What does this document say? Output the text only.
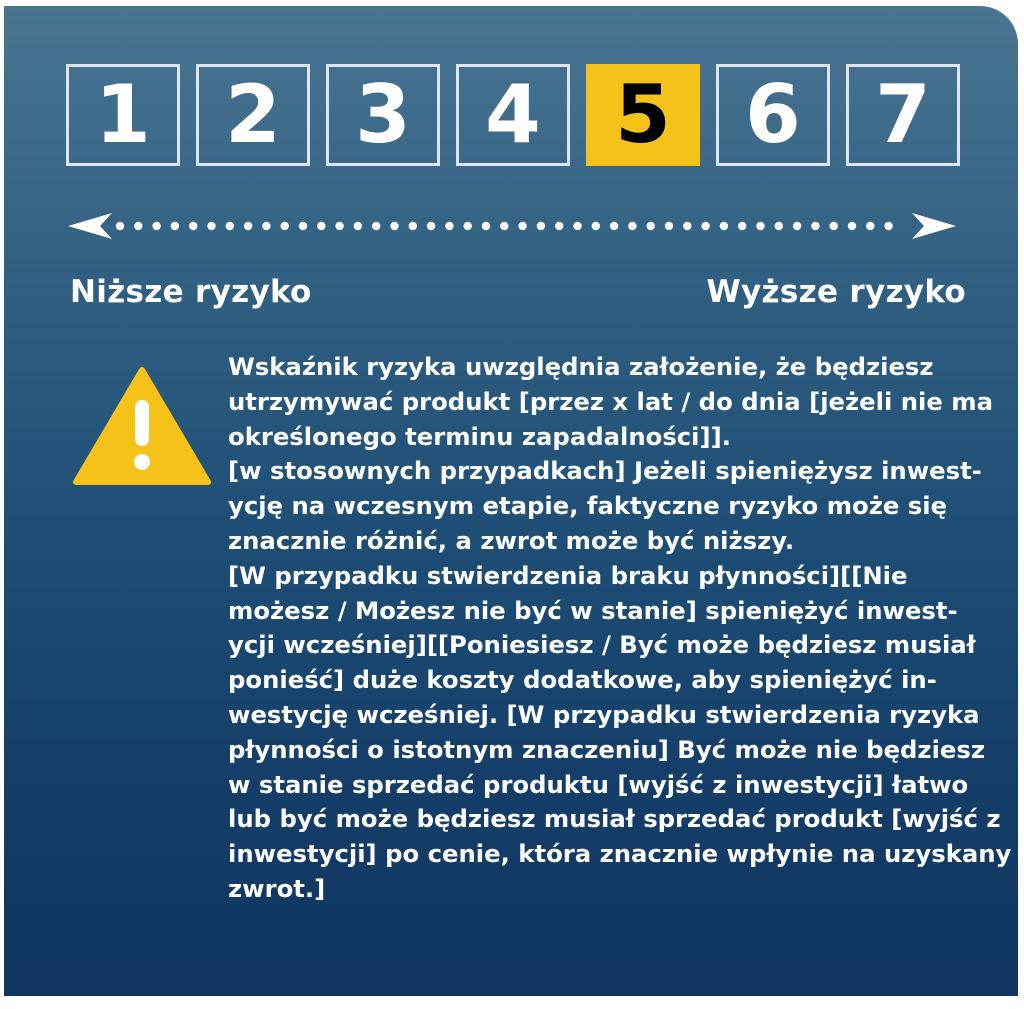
1 2 3 4 5 6 7
Niższe ryzyko	Wyższe ryzyko
Wskaźnik ryzyka uwzględnia założenie, że będziesz
utrzymywać produkt [przez x lat / do dnia [jeżeli nie ma
określonego terminu zapadalności]].
[w stosownych przypadkach] Jeżeli spieniężysz inwest-
ycję na wczesnym etapie, faktyczne ryzyko może się
znacznie różnić, a zwrot może być niższy.
[W przypadku stwierdzenia braku płynności][[Nie
możesz / Możesz nie być w stanie] spieniężyć inwest-
ycji wcześniej][[Poniesiesz / Być może będziesz musiał
ponieść] duże koszty dodatkowe, aby spieniężyć in-
westycję wcześniej. [W przypadku stwierdzenia ryzyka
płynności o istotnym znaczeniu] Być może nie będziesz
w stanie sprzedać produktu [wyjść z inwestycji] łatwo
lub być może będziesz musiał sprzedać produkt [wyjść z
inwestycji] po cenie, która znacznie wpłynie na uzyskany
zwrot.]
